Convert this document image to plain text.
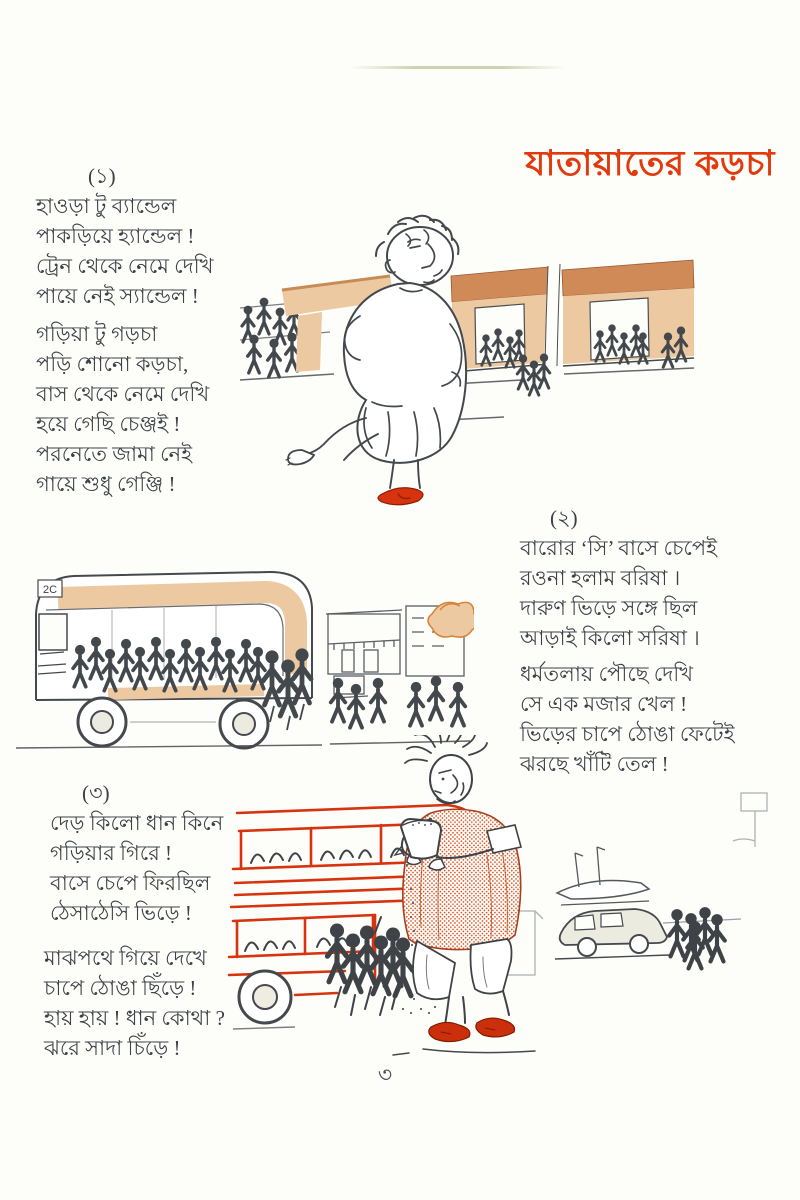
যাতায়াতের কড়চা
(১)
হাওড়া টু ব্যান্ডেল
পাকড়িয়ে হ্যান্ডেল !
ট্রেন থেকে নেমে দেখি
পায়ে নেই স্যান্ডেল !
গড়িয়া টু গড়চা
পড়ি শোনো কড়চা,
বাস থেকে নেমে দেখি
হয়ে গেছি চেঞ্জই !
পরনেতে জামা নেই
গায়ে শুধু গেঞ্জি !
(২)
বারোর ‘সি’ বাসে চেপেই
রওনা হলাম বরিষা ।
দারুণ ভিড়ে সঙ্গে ছিল
আড়াই কিলো সরিষা ।
ধর্মতলায় পৌছে দেখি
সে এক মজার খেল !
ভিড়ের চাপে ঠোঙা ফেটেই
ঝরছে খাঁটি তেল !
(৩)
দেড় কিলো ধান কিনে
গড়িয়ার গিরে !
বাসে চেপে ফিরছিল
ঠেসাঠেসি ভিড়ে !
মাঝপথে গিয়ে দেখে
চাপে ঠোঙা ছিঁড়ে !
হায় হায় ! ধান কোথা ?
ঝরে সাদা চিঁড়ে !
2C
৩
